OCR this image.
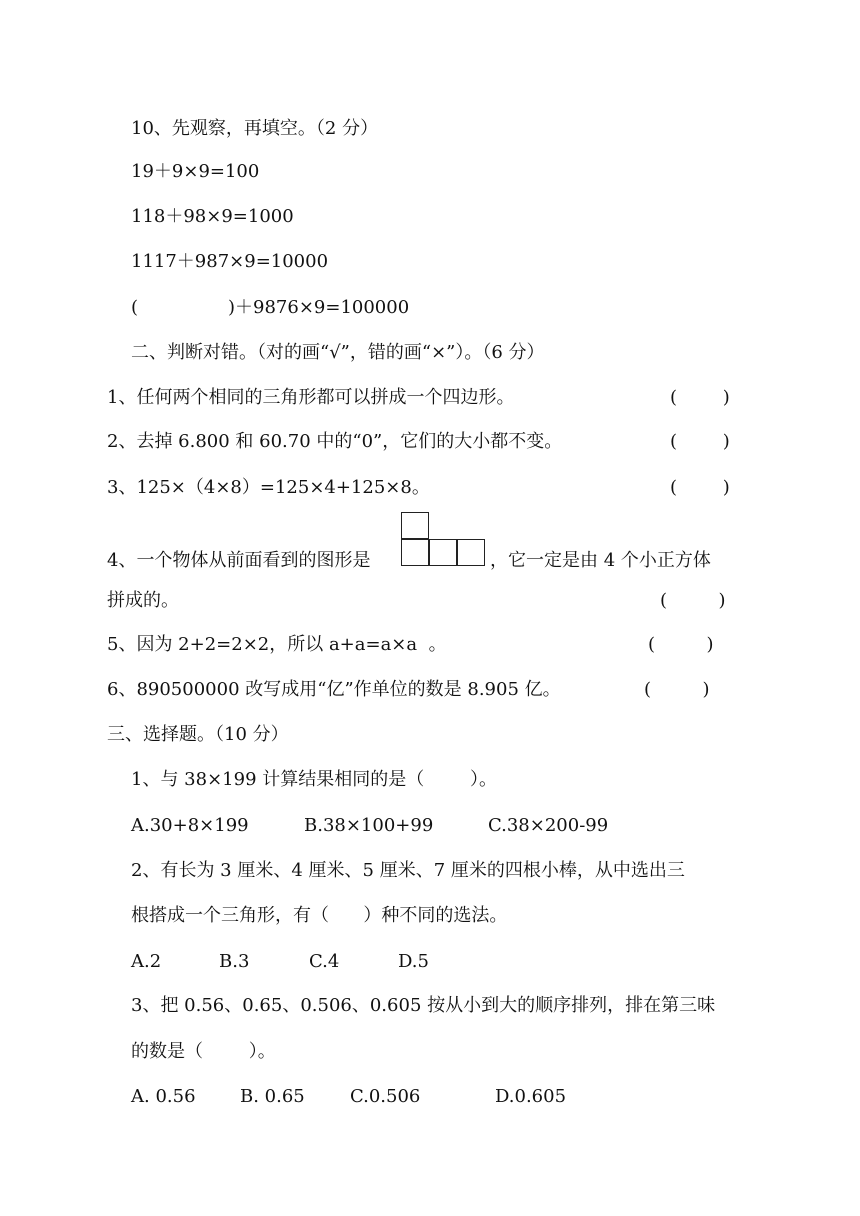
10、先观察，再填空。（2 分）
19＋9×9=100
118＋98×9=1000
1117＋987×9=10000
(	)＋9876×9=100000
二、判断对错。（对的画“√”，错的画“×”）。（6 分）
1、任何两个相同的三角形都可以拼成一个四边形。	(        )
2、去掉 6.800 和 60.70 中的“0”，它们的大小都不变。	(        )
3、125×（4×8）=125×4+125×8。	(        )
4、一个物体从前面看到的图形是	，它一定是由 4 个小正方体
拼成的。	(         )
5、因为 2+2=2×2，所以 a+a=a×a  。	(         )
6、890500000 改写成用“亿”作单位的数是 8.905 亿。	(         )
三、选择题。（10 分）
1、与 38×199 计算结果相同的是（        ）。
A.30+8×199	B.38×100+99	C.38×200-99
2、有长为 3 厘米、4 厘米、5 厘米、7 厘米的四根小棒，从中选出三
根搭成一个三角形，有（      ）种不同的选法。
A.2	B.3	C.4	D.5
3、把 0.56、0.65、0.506、0.605 按从小到大的顺序排列，排在第三味
的数是（        ）。
A. 0.56 B. 0.65	C.0.506	D.0.605
